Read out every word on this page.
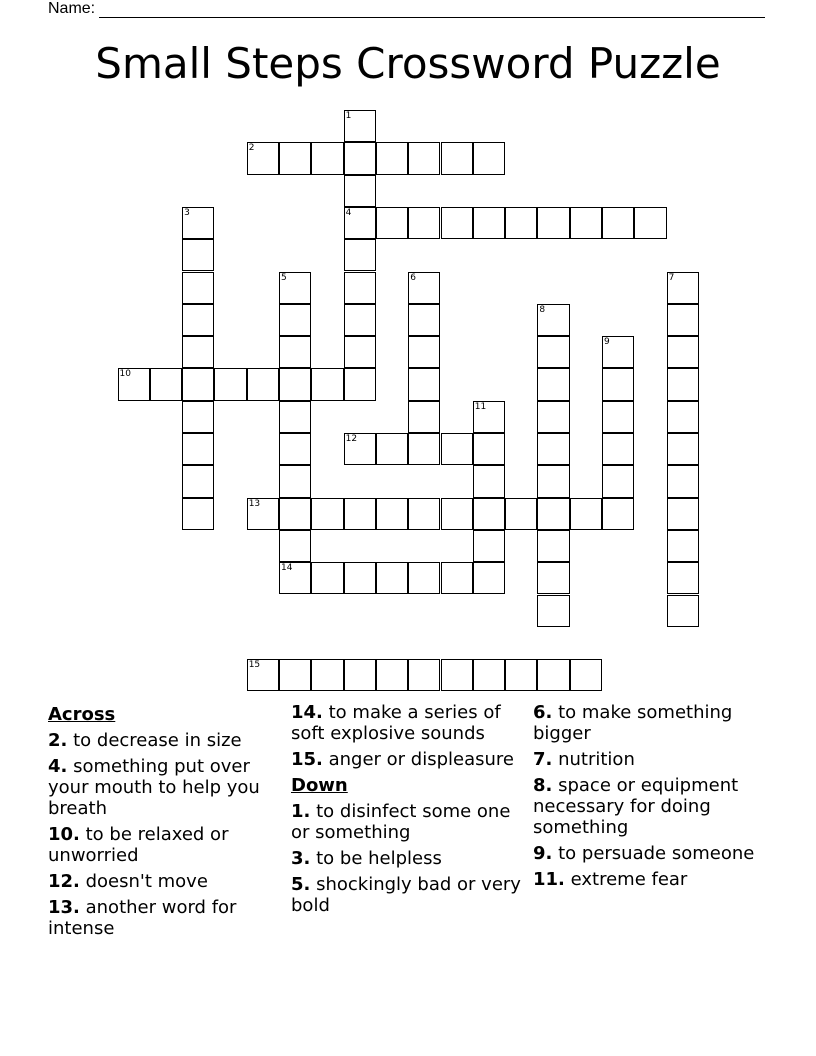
Name:
Small Steps Crossword Puzzle
1
4
2
3
5
14
6	7
8
9
10
11
12
13
15
Across
2. to decrease in size
4. something put over your mouth to help you breath
10. to be relaxed or unworried
12. doesn't move
13. another word for intense
14. to make a series of soft explosive sounds
15. anger or displeasure
Down
1. to disinfect some one or something
3. to be helpless
5. shockingly bad or very bold
6. to make something bigger
7. nutrition
8. space or equipment necessary for doing something
9. to persuade someone
11. extreme fear
